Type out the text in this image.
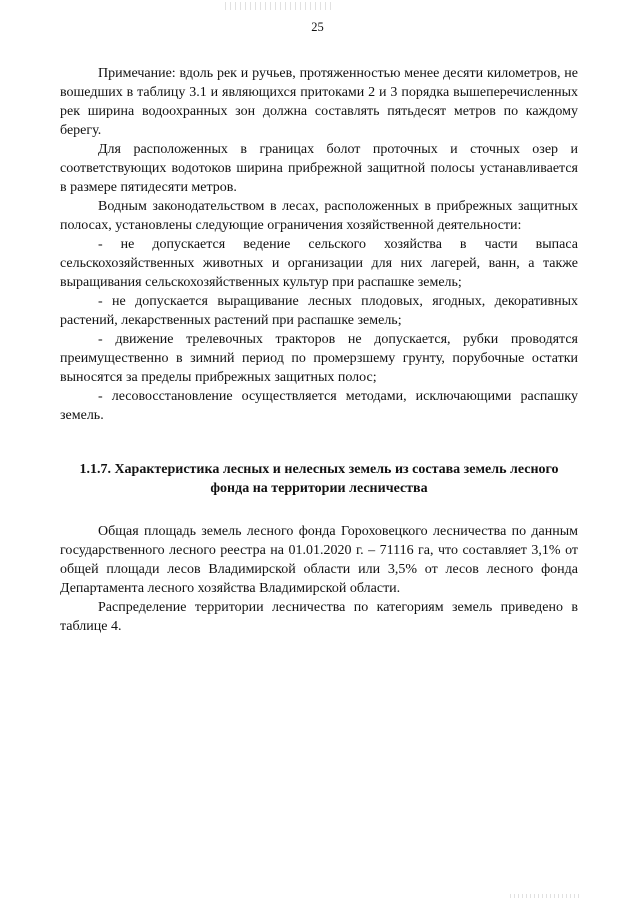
25

Примечание: вдоль рек и ручьев, протяженностью менее десяти километров, не вошедших в таблицу 3.1 и являющихся притоками 2 и 3 порядка вышеперечисленных рек ширина водоохранных зон должна составлять пятьдесят метров по каждому берегу.

Для расположенных в границах болот проточных и сточных озер и соответствующих водотоков ширина прибрежной защитной полосы устанавливается в размере пятидесяти метров.

Водным законодательством в лесах, расположенных в прибрежных защитных полосах, установлены следующие ограничения хозяйственной деятельности:

- не допускается ведение сельского хозяйства в части выпаса сельскохозяйственных животных и организации для них лагерей, ванн, а также выращивания сельскохозяйственных культур при распашке земель;

- не допускается выращивание лесных плодовых, ягодных, декоративных растений, лекарственных растений при распашке земель;

- движение трелевочных тракторов не допускается, рубки проводятся преимущественно в зимний период по промерзшему грунту, порубочные остатки выносятся за пределы прибрежных защитных полос;

- лесовосстановление осуществляется методами, исключающими распашку земель.

1.1.7. Характеристика лесных и нелесных земель из состава земель лесного фонда на территории лесничества

Общая площадь земель лесного фонда Гороховецкого лесничества по данным государственного лесного реестра на 01.01.2020 г. – 71116 га, что составляет 3,1% от общей площади лесов Владимирской области или 3,5% от лесов лесного фонда Департамента лесного хозяйства Владимирской области.

Распределение территории лесничества по категориям земель приведено в таблице 4.
